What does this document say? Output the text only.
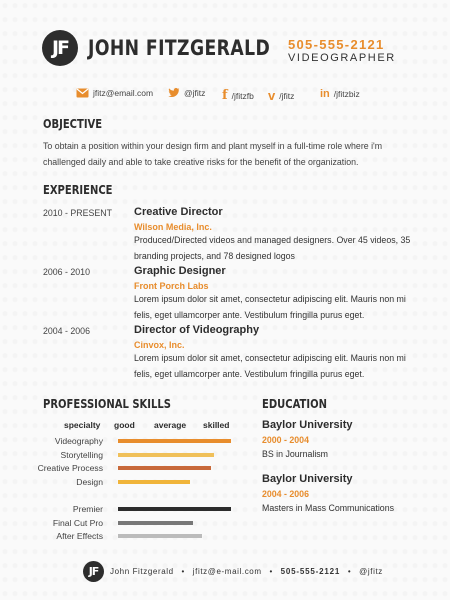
JF JOHN FITZGERALD 505-555-2121
VIDEOGRAPHER
jfitz@email.com	@jfitz f /jfitzfb v /jfitz in /jfitzbiz
OBJECTIVE
To obtain a position within your design firm and plant myself in a full-time role where i'm challenged daily and able to take creative risks for the benefit of the organization.
EXPERIENCE
2010 - PRESENT Creative Director
Wilson Media, Inc.
Produced/Directed videos and managed designers. Over 45 videos, 35 branding projects, and 78 designed logos
2006 - 2010	Graphic Designer
Front Porch Labs
Lorem ipsum dolor sit amet, consectetur adipiscing elit. Mauris non mi felis, eget ullamcorper ante. Vestibulum fringilla purus eget.
2004 - 2006	Director of Videography
Cinvox, Inc.
Lorem ipsum dolor sit amet, consectetur adipiscing elit. Mauris non mi felis, eget ullamcorper ante. Vestibulum fringilla purus eget.
PROFESSIONAL SKILLS
specialty good average skilled
Videography
Storytelling
Creative Process
Design
Premier
Final Cut Pro
After Effects
EDUCATION
Baylor University
2000 - 2004
BS in Journalism
Baylor University
2004 - 2006
Masters in Mass Communications
JF	John Fitzgerald • jfitz@e-mail.com • 505-555-2121 • @jfitz
